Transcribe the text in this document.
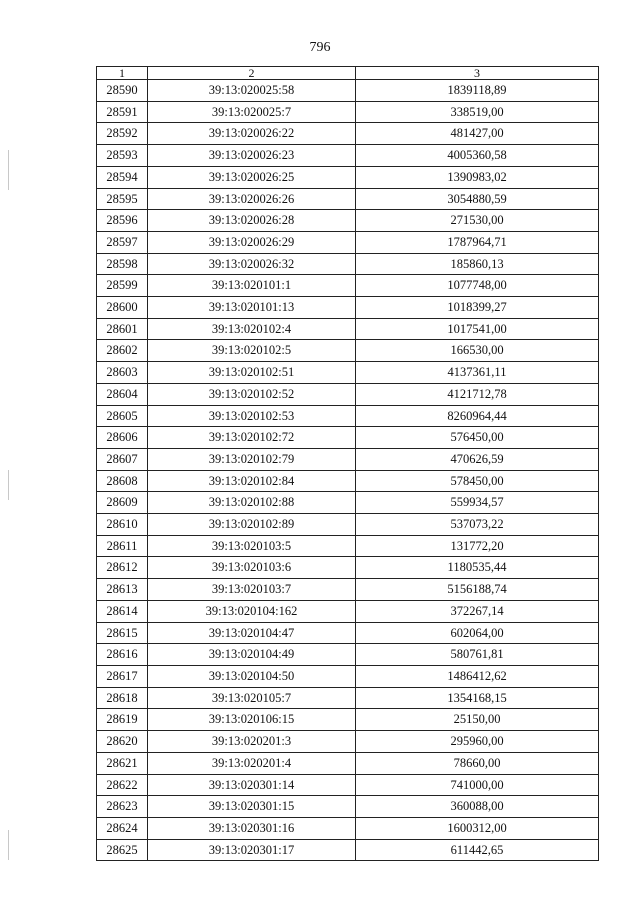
796
1	2	3
28590	39:13:020025:58	1839118,89
28591	39:13:020025:7	338519,00
28592	39:13:020026:22	481427,00
28593	39:13:020026:23	4005360,58
28594	39:13:020026:25	1390983,02
28595	39:13:020026:26	3054880,59
28596	39:13:020026:28	271530,00
28597	39:13:020026:29	1787964,71
28598	39:13:020026:32	185860,13
28599	39:13:020101:1	1077748,00
28600	39:13:020101:13	1018399,27
28601	39:13:020102:4	1017541,00
28602	39:13:020102:5	166530,00
28603	39:13:020102:51	4137361,11
28604	39:13:020102:52	4121712,78
28605	39:13:020102:53	8260964,44
28606	39:13:020102:72	576450,00
28607	39:13:020102:79	470626,59
28608	39:13:020102:84	578450,00
28609	39:13:020102:88	559934,57
28610	39:13:020102:89	537073,22
28611	39:13:020103:5	131772,20
28612	39:13:020103:6	1180535,44
28613	39:13:020103:7	5156188,74
28614	39:13:020104:162	372267,14
28615	39:13:020104:47	602064,00
28616	39:13:020104:49	580761,81
28617	39:13:020104:50	1486412,62
28618	39:13:020105:7	1354168,15
28619	39:13:020106:15	25150,00
28620	39:13:020201:3	295960,00
28621	39:13:020201:4	78660,00
28622	39:13:020301:14	741000,00
28623	39:13:020301:15	360088,00
28624	39:13:020301:16	1600312,00
28625	39:13:020301:17	611442,65
